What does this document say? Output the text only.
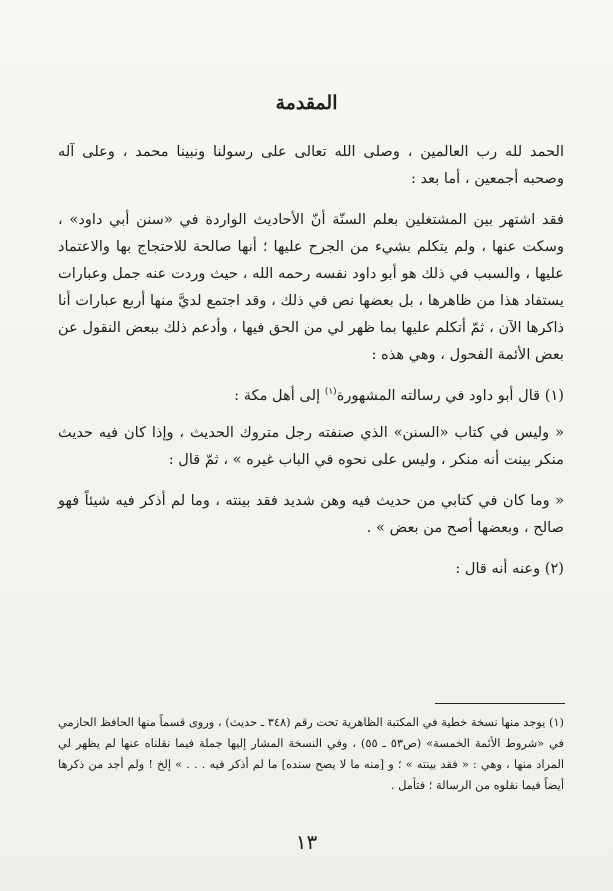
المقدمة

الحمد لله رب العالمين ، وصلى الله تعالى على رسولنا ونبينا محمد ، وعلى آله وصحبه أجمعين ، أما بعد :

فقد اشتهر بين المشتغلين بعلم السنّة أنّ الأحاديث الواردة في «سنن أبي داود» ، وسكت عنها ، ولم يتكلم بشيء من الجرح عليها ؛ أنها صالحة للاحتجاج بها والاعتماد عليها ، والسبب في ذلك هو أبو داود نفسه رحمه الله ، حيث وردت عنه جمل وعبارات يستفاد هذا من ظاهرها ، بل بعضها نص في ذلك ، وقد اجتمع لديَّ منها أربع عبارات أنا ذاكرها الآن ، ثمّ أتكلم عليها بما ظهر لي من الحق فيها ، وأدعم ذلك ببعض النقول عن بعض الأئمة الفحول ، وهي هذه :

(١) قال أبو داود في رسالته المشهورة$^{(١)}$ إلى أهل مكة :

« وليس في كتاب «السنن» الذي صنفته رجل متروك الحديث ، وإذا كان فيه حديث منكر بينت أنه منكر ، وليس على نحوه في الباب غيره » ، ثمّ قال :

« وما كان في كتابي من حديث فيه وهن شديد فقد بينته ، وما لم أذكر فيه شيئاً فهو صالح ، وبعضها أصح من بعض » .

(٢) وعنه أنه قال :

(١) يوجد منها نسخة خطية في المكتبة الظاهرية تحت رقم (٣٤٨ ـ حديث) ، وروى قسماً منها الحافظ الحازمي في «شروط الأئمة الخمسة» (ص٥٣ ـ ٥٥) ، وفي النسخة المشار إليها جملة فيما نقلناه عنها لم يظهر لي المراد منها ، وهي : « فقد بينته » ؛ و [منه ما لا يصح سنده] ما لم أذكر فيه . . . » إلخ ! ولم أجد من ذكرها أيضاً فيما نقلوه من الرسالة ؛ فتأمل .

١٣
